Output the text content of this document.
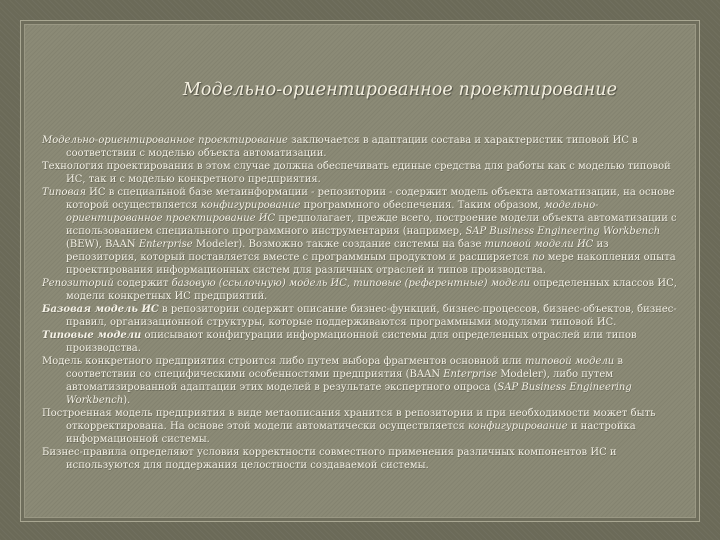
Модельно-ориентированное проектирование

Модельно-ориентированное проектирование заключается в адаптации состава и характеристик типовой ИС в соответствии с моделью объекта автоматизации.

Технология проектирования в этом случае должна обеспечивать единые средства для работы как с моделью типовой ИС, так и с моделью конкретного предприятия.

Типовая ИС в специальной базе метаинформации - репозитории - содержит модель объекта автоматизации, на основе которой осуществляется конфигурирование программного обеспечения. Таким образом, модельно-ориентированное проектирование ИС предполагает, прежде всего, построение модели объекта автоматизации с использованием специального программного инструментария (например, SAP Business Engineering Workbench (BEW), BAAN Enterprise Modeler). Возможно также создание системы на базе типовой модели ИС из репозитория, который поставляется вместе с программным продуктом и расширяется по мере накопления опыта проектирования информационных систем для различных отраслей и типов производства.

Репозиторий содержит базовую (ссылочную) модель ИС, типовые (референтные) модели определенных классов ИС, модели конкретных ИС предприятий.

Базовая модель ИС в репозитории содержит описание бизнес-функций, бизнес-процессов, бизнес-объектов, бизнес-правил, организационной структуры, которые поддерживаются программными модулями типовой ИС.

Типовые модели описывают конфигурации информационной системы для определенных отраслей или типов производства.

Модель конкретного предприятия строится либо путем выбора фрагментов основной или типовой модели в соответствии со специфическими особенностями предприятия (BAAN Enterprise Modeler), либо путем автоматизированной адаптации этих моделей в результате экспертного опроса (SAP Business Engineering Workbench).

Построенная модель предприятия в виде метаописания хранится в репозитории и при необходимости может быть откорректирована. На основе этой модели автоматически осуществляется конфигурирование и настройка информационной системы.

Бизнес-правила определяют условия корректности совместного применения различных компонентов ИС и используются для поддержания целостности создаваемой системы.
